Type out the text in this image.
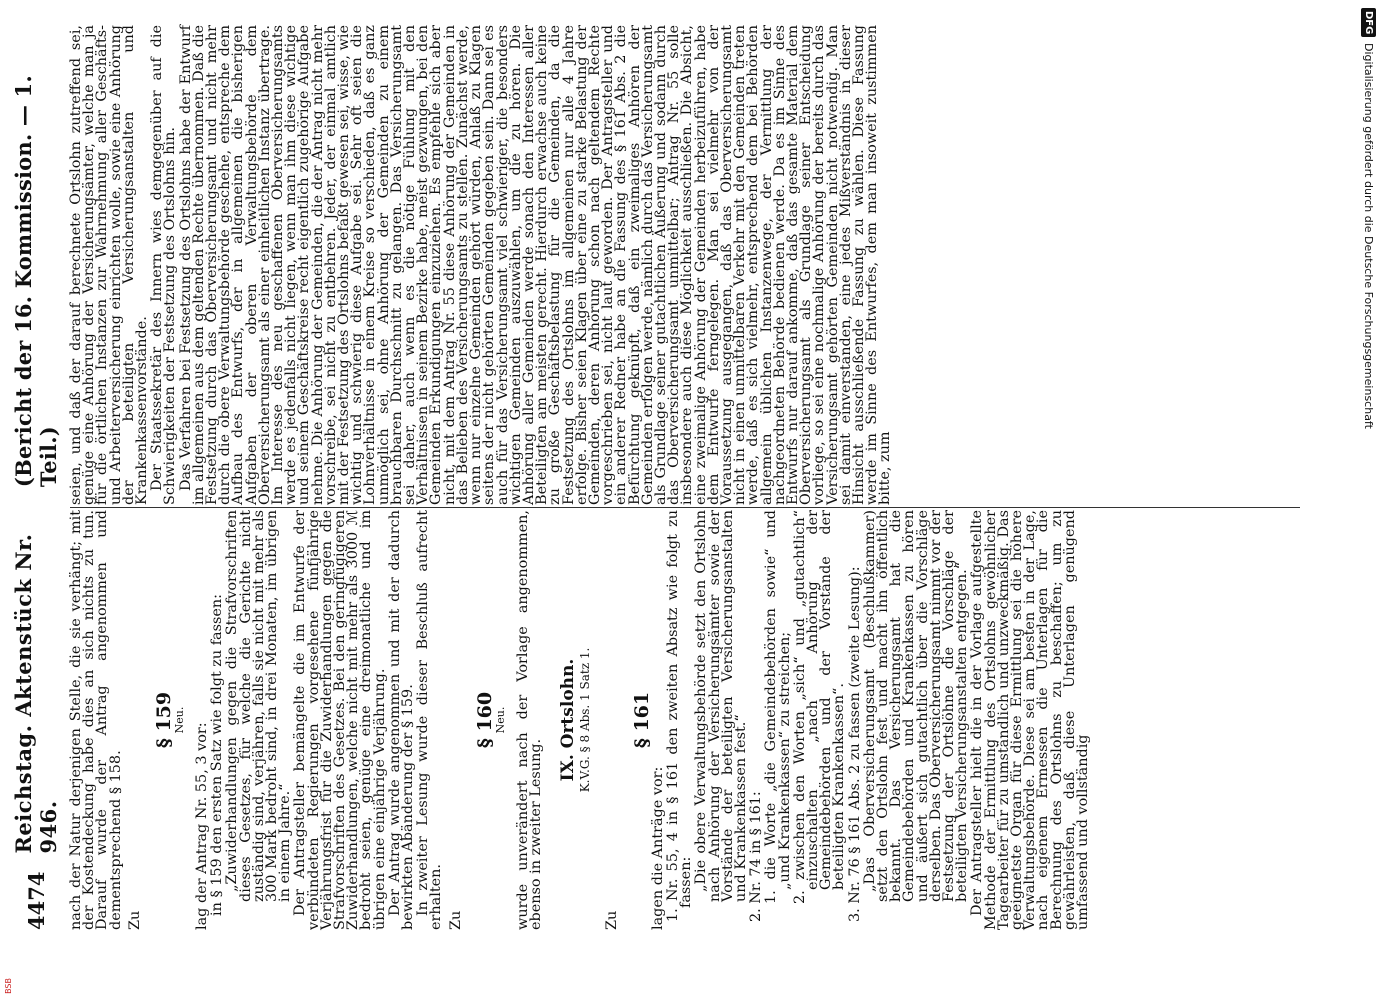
4474
Reichstag. Aktenstück Nr. 946.
(Bericht der 16. Kommission. — 1. Teil.)

nach der Natur derjenigen Stelle, die sie verhängt; mit der Kostendeckung habe dies an sich nichts zu tun. Darauf wurde der Antrag angenommen und dementsprechend § 158. Zu

§ 159

Neu.

lag der Antrag Nr. 55, 3 vor: in § 159 den ersten Satz wie folgt zu fassen: „Zuwiderhandlungen gegen die Strafvorschriften dieses Gesetzes, für welche die Gerichte nicht zuständig sind, verjähren, falls sie nicht mit mehr als 300 Mark bedroht sind, in drei Monaten, im übrigen in einem Jahre.“ Der Antragsteller bemängelte die im Entwurfe der verbündeten Regierungen vorgesehene fünfjährige Verjährungsfrist für die Zuwiderhandlungen gegen die Strafvorschriften des Gesetzes. Bei den geringfügigeren Zuwiderhandlungen, welche nicht mit mehr als 3000 ℳ bedroht seien, genüge eine dreimonatliche und im übrigen eine einjährige Verjährung. Der Antrag wurde angenommen und mit der dadurch bewirkten Abänderung der § 159. In zweiter Lesung wurde dieser Beschluß aufrecht erhalten. Zu

§ 160

Neu. wurde unverändert nach der Vorlage angenommen, ebenso in zweiter Lesung.

IX. Ortslohn. K.V.G. § 8 Abs. 1 Satz 1.

Zu

§ 161

lagen die Anträge vor: 1. Nr. 55, 4 in § 161 den zweiten Absatz wie folgt zu fassen: „Die obere Verwaltungsbehörde setzt den Ortslohn nach Anhörung der Versicherungsämter sowie der Vorstände der beteiligten Versicherungsanstalten und Krankenkassen fest.“ 2. Nr. 74 in § 161: 1. die Worte „die Gemeindebehörden sowie“ und „und Krankenkassen“ zu streichen; 2. zwischen den Worten „sich“ und „gutachtlich“ einzuschalten „nach Anhörung der Gemeindebehörden und der Vorstände der beteiligten Krankenkassen“. 3. Nr. 76 § 161 Abs. 2 zu fassen (zweite Lesung): „Das Oberversicherungsamt (Beschlußkammer) setzt den Ortslohn fest und macht ihn öffentlich bekannt. Das Versicherungsamt hat die Gemeindebehörden und Krankenkassen zu hören und äußert sich gutachtlich über die Vorschläge derselben. Das Oberversicherungsamt nimmt vor der Festsetzung der Ortslöhne die Vorschläge der beteiligten Versicherungsanstalten entgegen.“ Der Antragsteller hielt die in der Vorlage aufgestellte Methode der Ermittlung des Ortslohns gewöhnlicher Tagearbeiter für zu umständlich und unzweckmäßig. Das geeignetste Organ für diese Ermittlung sei die höhere Verwaltungsbehörde. Diese sei am besten in der Lage, nach eigenem Ermessen die Unterlagen für die Berechnung des Ortslohns zu beschaffen; um zu gewährleisten, daß diese Unterlagen genügend umfassend und vollständig

seien, und daß der darauf berechnete Ortslohn zutreffend sei, genüge eine Anhörung der Versicherungsämter, welche man ja für die örtlichen Instanzen zur Wahrnehmung aller Geschäfts- und Arbeiterversicherung einrichten wolle, sowie eine Anhörung der beteiligten Versicherungsanstalten und Krankenkassenvorstände. Der Staatssekretär des Innern wies demgegenüber auf die Schwierigkeiten der Festsetzung des Ortslohns hin. Das Verfahren bei Festsetzung des Ortslohns habe der Entwurf im allgemeinen aus dem geltenden Rechte übernommen. Daß die Festsetzung durch das Oberversicherungsamt und nicht mehr durch die obere Verwaltungsbehörde geschehe, entspreche dem Aufbau des Entwurfs, der in allgemeinen die bisherigen Aufgaben der oberen Verwaltungsbehörde dem Oberversicherungsamt als einer einheitlichen Instanz übertrage. Im Interesse des neu geschaffenen Oberversicherungsamts werde es jedenfalls nicht liegen, wenn man ihm diese wichtige und seinem Geschäftskreise recht eigentlich zugehörige Aufgabe nehme. Die Anhörung der Gemeinden, die der Antrag nicht mehr vorschreibe, sei nicht zu entbehren. Jeder, der einmal amtlich mit der Festsetzung des Ortslohns befaßt gewesen sei, wisse, wie wichtig und schwierig diese Aufgabe sei. Sehr oft seien die Lohnverhältnisse in einem Kreise so verschieden, daß es ganz unmöglich sei, ohne Anhörung der Gemeinden zu einem brauchbaren Durchschnitt zu gelangen. Das Versicherungsamt sei daher, auch wenn es die nötige Fühlung mit den Verhältnissen in seinem Bezirke habe, meist gezwungen, bei den Gemeinden Erkundigungen einzuziehen. Es empfehle sich aber nicht, mit dem Antrag Nr. 55 diese Anhörung der Gemeinden in das Belieben des Versicherungsamts zu stellen. Zunächst werde, wenn nur einzelne Gemeinden gehört würden, Anlaß zu Klagen seitens der nicht gehörten Gemeinden gegeben sein. Dann sei es auch für das Versicherungsamt viel schwieriger, die besonders wichtigen Gemeinden auszuwählen, um die zu hören. Die Anhörung aller Gemeinden werde sonach den Interessen aller Beteiligten am meisten gerecht. Hierdurch erwachse auch keine zu große Geschäftsbelastung für die Gemeinden, da die Festsetzung des Ortslohns im allgemeinen nur alle 4 Jahre erfolge. Bisher seien Klagen über eine zu starke Belastung der Gemeinden, deren Anhörung schon nach geltendem Rechte vorgeschrieben sei, nicht laut geworden. Der Antragsteller und ein anderer Redner habe an die Fassung des § 161 Abs. 2 die Befürchtung geknüpft, daß ein zweimaliges Anhören der Gemeinden erfolgen werde, nämlich durch das Versicherungsamt als Grundlage seiner gutachtlichen Äußerung und sodann durch das Oberversicherungsamt unmittelbar; Antrag Nr. 55 solle insbesondere auch diese Möglichkeit ausschließen. Die Absicht, eine zweimalige Anhörung der Gemeinden herbeizuführen, habe dem Entwurfe ferngelegen. Man sei vielmehr von der Voraussetzung ausgegangen, daß das Oberversicherungsamt nicht in einen unmittelbaren Verkehr mit den Gemeinden treten werde, daß es sich vielmehr, entsprechend dem bei Behörden allgemein üblichen Instanzenwege, der Vermittlung der nachgeordneten Behörde bedienen werde. Da es im Sinne des Entwurfs nur darauf ankomme, daß das gesamte Material dem Oberversicherungsamt als Grundlage seiner Entscheidung vorliege, so sei eine nochmalige Anhörung der bereits durch das Versicherungsamt gehörten Gemeinden nicht notwendig. Man sei damit einverstanden, eine jedes Mißverständnis in dieser Hinsicht ausschließende Fassung zu wählen. Diese Fassung werde im Sinne des Entwurfes, dem man insoweit zustimmen bitte, zum

DFG
Digitalisierung gefördert durch die Deutsche Forschungsgemeinschaft
BSB
